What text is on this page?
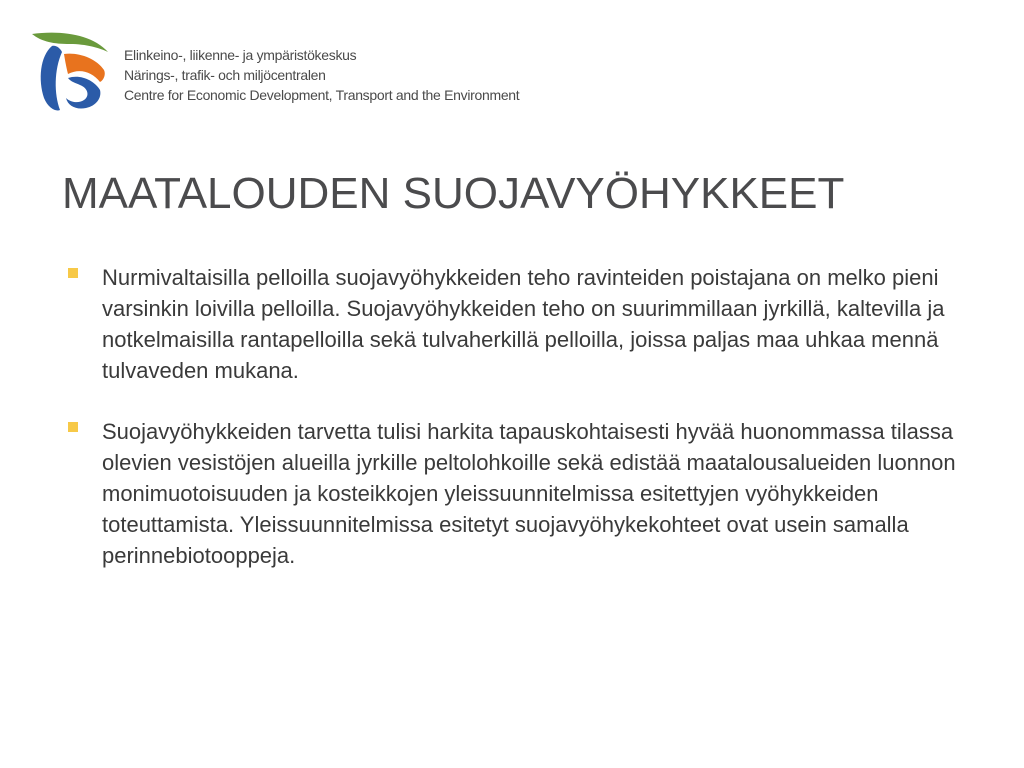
Elinkeino-, liikenne- ja ympäristökeskus
Närings-, trafik- och miljöcentralen
Centre for Economic Development, Transport and the Environment
MAATALOUDEN SUOJAVYÖHYKKEET
Nurmivaltaisilla pelloilla suojavyöhykkeiden teho ravinteiden poistajana on melko pieni varsinkin loivilla pelloilla. Suojavyöhykkeiden teho on suurimmillaan jyrkillä, kaltevilla ja notkelmaisilla rantapelloilla sekä tulvaherkillä pelloilla, joissa paljas maa uhkaa mennä tulvaveden mukana.
Suojavyöhykkeiden tarvetta tulisi harkita tapauskohtaisesti hyvää huonommassa tilassa olevien vesistöjen alueilla jyrkille peltolohkoille sekä edistää maatalousalueiden luonnon monimuotoisuuden ja kosteikkojen yleissuunnitelmissa esitettyjen vyöhykkeiden toteuttamista. Yleissuunnitelmissa esitetyt suojavyöhykekohteet ovat usein samalla perinnebiotooppeja.
